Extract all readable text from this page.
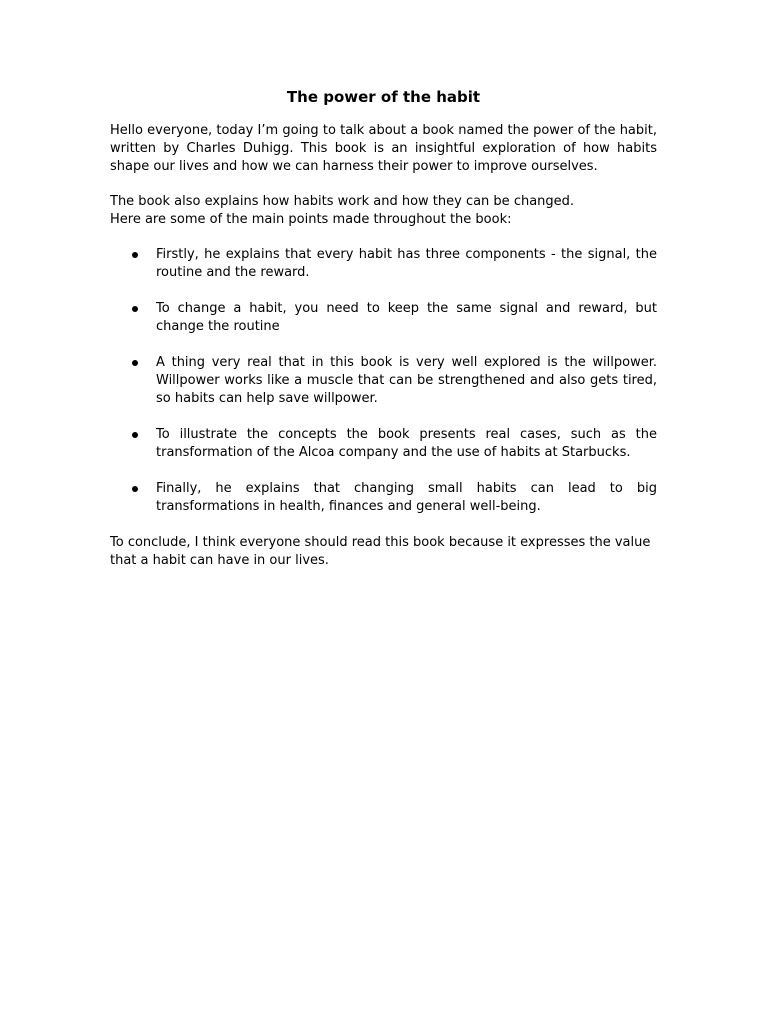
The power of the habit

Hello everyone, today I’m going to talk about a book named the power of the habit, written by Charles Duhigg. This book is an insightful exploration of how habits shape our lives and how we can harness their power to improve ourselves.

The book also explains how habits work and how they can be changed.

Here are some of the main points made throughout the book:

Firstly, he explains that every habit has three components - the signal, the routine and the reward.
To change a habit, you need to keep the same signal and reward, but change the routine
A thing very real that in this book is very well explored is the willpower. Willpower works like a muscle that can be strengthened and also gets tired, so habits can help save willpower.
To illustrate the concepts the book presents real cases, such as the transformation of the Alcoa company and the use of habits at Starbucks.
Finally, he explains that changing small habits can lead to big transformations in health, finances and general well-being.

To conclude, I think everyone should read this book because it expresses the value that a habit can have in our lives.
